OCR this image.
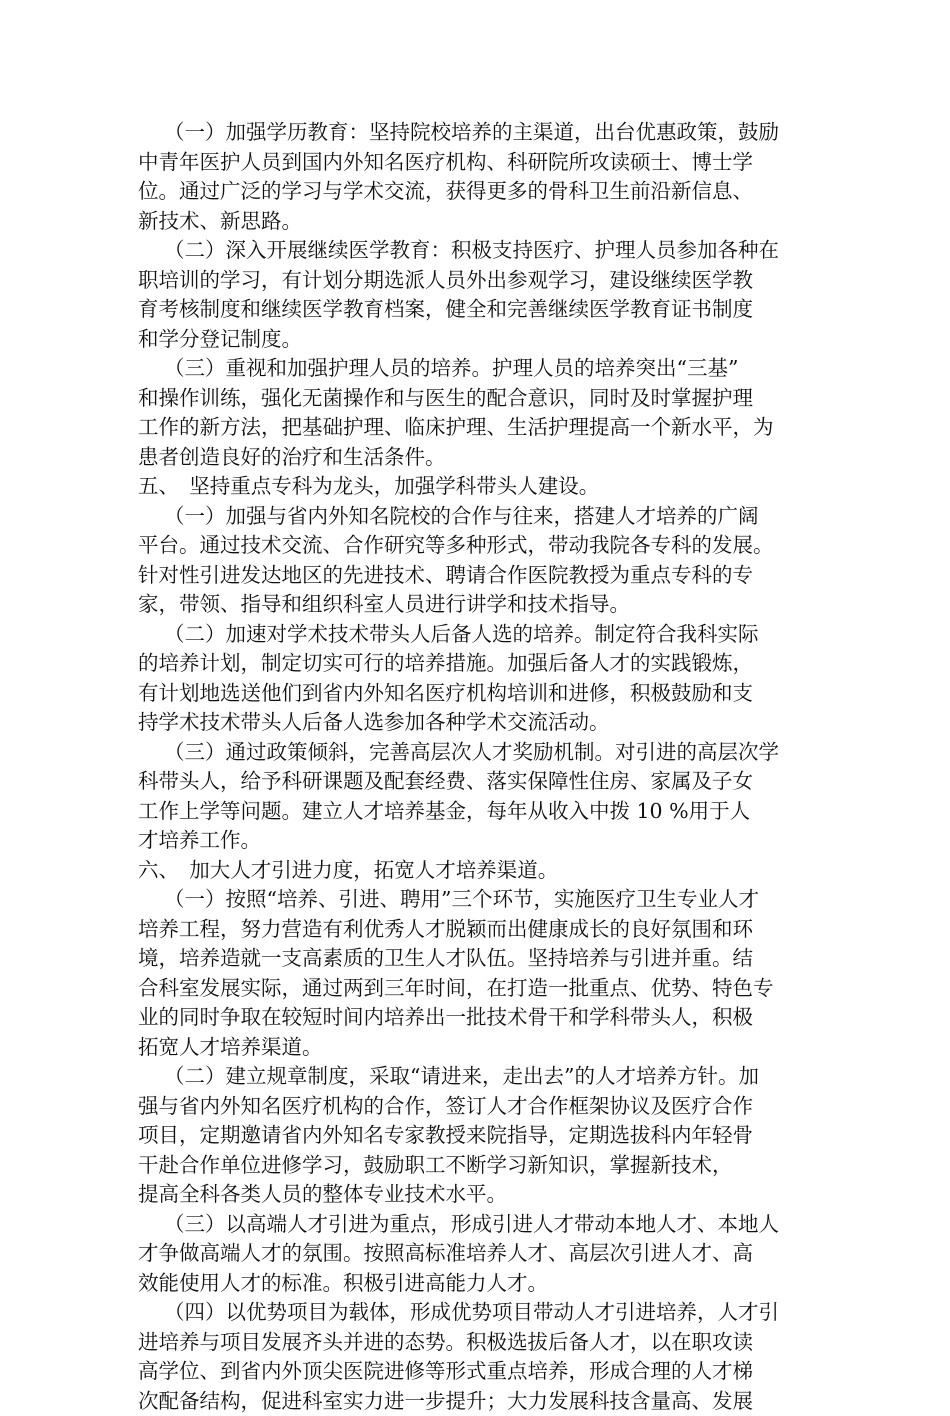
（一）加强学历教育：坚持院校培养的主渠道，出台优惠政策，鼓励
中青年医护人员到国内外知名医疗机构、科研院所攻读硕士、博士学
位。通过广泛的学习与学术交流，获得更多的骨科卫生前沿新信息、
新技术、新思路。
（二）深入开展继续医学教育：积极支持医疗、护理人员参加各种在
职培训的学习，有计划分期选派人员外出参观学习，建设继续医学教
育考核制度和继续医学教育档案，健全和完善继续医学教育证书制度
和学分登记制度。
（三）重视和加强护理人员的培养。护理人员的培养突出“三基”
和操作训练，强化无菌操作和与医生的配合意识，同时及时掌握护理
工作的新方法，把基础护理、临床护理、生活护理提高一个新水平，为
患者创造良好的治疗和生活条件。
五、　坚持重点专科为龙头，加强学科带头人建设。
（一）加强与省内外知名院校的合作与往来，搭建人才培养的广阔
平台。通过技术交流、合作研究等多种形式，带动我院各专科的发展。
针对性引进发达地区的先进技术、聘请合作医院教授为重点专科的专
家，带领、指导和组织科室人员进行讲学和技术指导。
（二）加速对学术技术带头人后备人选的培养。制定符合我科实际
的培养计划，制定切实可行的培养措施。加强后备人才的实践锻炼，
有计划地选送他们到省内外知名医疗机构培训和进修，积极鼓励和支
持学术技术带头人后备人选参加各种学术交流活动。
（三）通过政策倾斜，完善高层次人才奖励机制。对引进的高层次学
科带头人，给予科研课题及配套经费、落实保障性住房、家属及子女
工作上学等问题。建立人才培养基金，每年从收入中拨 10 %用于人
才培养工作。
六、　加大人才引进力度，拓宽人才培养渠道。
（一）按照“培养、引进、聘用”三个环节，实施医疗卫生专业人才
培养工程，努力营造有利优秀人才脱颖而出健康成长的良好氛围和环
境，培养造就一支高素质的卫生人才队伍。坚持培养与引进并重。结
合科室发展实际，通过两到三年时间，在打造一批重点、优势、特色专
业的同时争取在较短时间内培养出一批技术骨干和学科带头人，积极
拓宽人才培养渠道。
（二）建立规章制度，采取“请进来，走出去”的人才培养方针。加
强与省内外知名医疗机构的合作，签订人才合作框架协议及医疗合作
项目，定期邀请省内外知名专家教授来院指导，定期选拔科内年轻骨
干赴合作单位进修学习，鼓励职工不断学习新知识，掌握新技术，
提高全科各类人员的整体专业技术水平。
（三）以高端人才引进为重点，形成引进人才带动本地人才、本地人
才争做高端人才的氛围。按照高标准培养人才、高层次引进人才、高
效能使用人才的标准。积极引进高能力人才。
（四）以优势项目为载体，形成优势项目带动人才引进培养，人才引
进培养与项目发展齐头并进的态势。积极选拔后备人才，以在职攻读
高学位、到省内外顶尖医院进修等形式重点培养，形成合理的人才梯
次配备结构，促进科室实力进一步提升；大力发展科技含量高、发展
